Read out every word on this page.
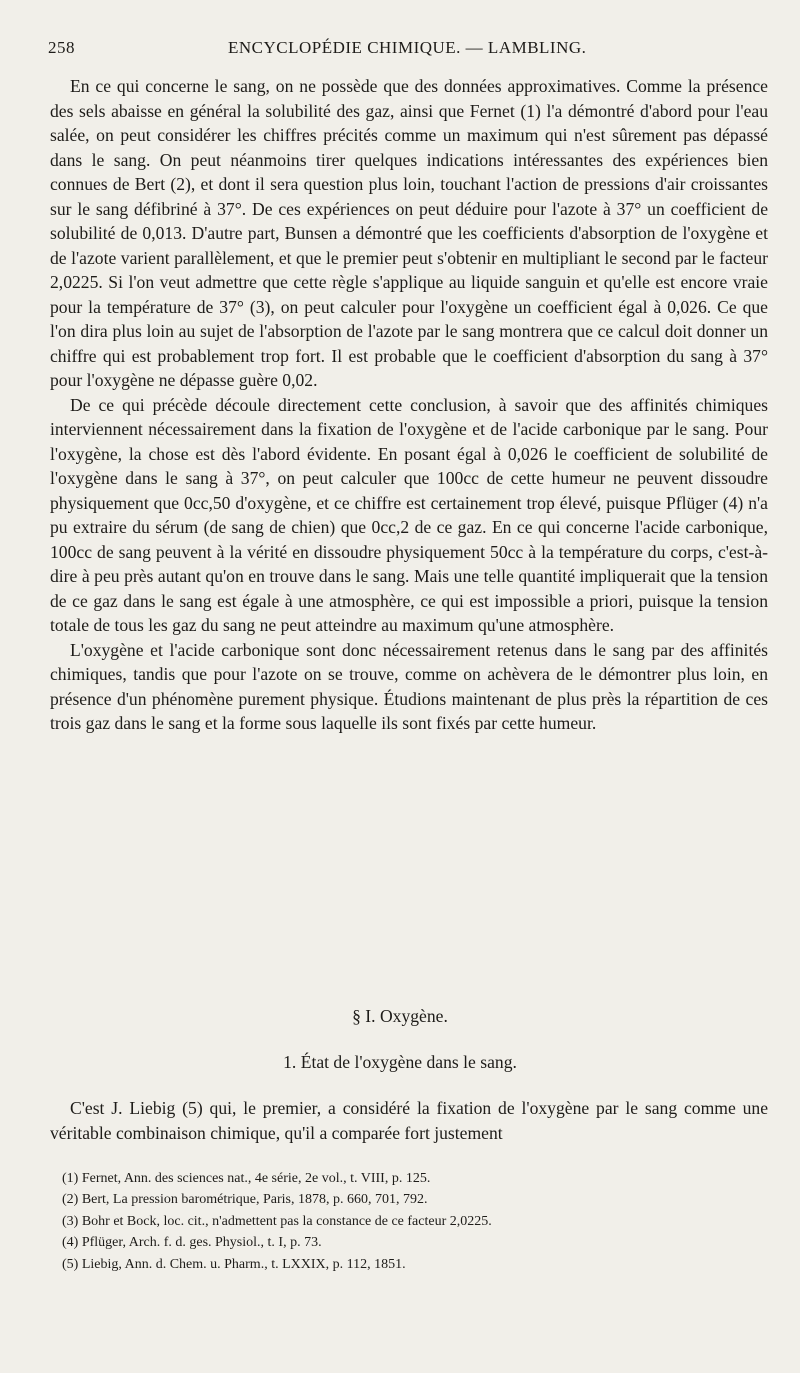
258	ENCYCLOPÉDIE CHIMIQUE. — LAMBLING.

En ce qui concerne le sang, on ne possède que des données approximatives. Comme la présence des sels abaisse en général la solubilité des gaz, ainsi que Fernet (1) l'a démontré d'abord pour l'eau salée, on peut considérer les chiffres précités comme un maximum qui n'est sûrement pas dépassé dans le sang. On peut néanmoins tirer quelques indications intéressantes des expériences bien connues de Bert (2), et dont il sera question plus loin, touchant l'action de pressions d'air croissantes sur le sang défibriné à 37°. De ces expériences on peut déduire pour l'azote à 37° un coefficient de solubilité de 0,013. D'autre part, Bunsen a démontré que les coefficients d'absorption de l'oxygène et de l'azote varient parallèlement, et que le premier peut s'obtenir en multipliant le second par le facteur 2,0225. Si l'on veut admettre que cette règle s'applique au liquide sanguin et qu'elle est encore vraie pour la température de 37° (3), on peut calculer pour l'oxygène un coefficient égal à 0,026. Ce que l'on dira plus loin au sujet de l'absorption de l'azote par le sang montrera que ce calcul doit donner un chiffre qui est probablement trop fort. Il est probable que le coefficient d'absorption du sang à 37° pour l'oxygène ne dépasse guère 0,02.

De ce qui précède découle directement cette conclusion, à savoir que des affinités chimiques interviennent nécessairement dans la fixation de l'oxygène et de l'acide carbonique par le sang. Pour l'oxygène, la chose est dès l'abord évidente. En posant égal à 0,026 le coefficient de solubilité de l'oxygène dans le sang à 37°, on peut calculer que 100cc de cette humeur ne peuvent dissoudre physiquement que 0cc,50 d'oxygène, et ce chiffre est certainement trop élevé, puisque Pflüger (4) n'a pu extraire du sérum (de sang de chien) que 0cc,2 de ce gaz. En ce qui concerne l'acide carbonique, 100cc de sang peuvent à la vérité en dissoudre physiquement 50cc à la température du corps, c'est-à-dire à peu près autant qu'on en trouve dans le sang. Mais une telle quantité impliquerait que la tension de ce gaz dans le sang est égale à une atmosphère, ce qui est impossible a priori, puisque la tension totale de tous les gaz du sang ne peut atteindre au maximum qu'une atmosphère.

L'oxygène et l'acide carbonique sont donc nécessairement retenus dans le sang par des affinités chimiques, tandis que pour l'azote on se trouve, comme on achèvera de le démontrer plus loin, en présence d'un phénomène purement physique. Étudions maintenant de plus près la répartition de ces trois gaz dans le sang et la forme sous laquelle ils sont fixés par cette humeur.

§ I. Oxygène.
1. État de l'oxygène dans le sang.

C'est J. Liebig (5) qui, le premier, a considéré la fixation de l'oxygène par le sang comme une véritable combinaison chimique, qu'il a comparée fort justement

(1) Fernet, Ann. des sciences nat., 4e série, 2e vol., t. VIII, p. 125.
(2) Bert, La pression barométrique, Paris, 1878, p. 660, 701, 792.
(3) Bohr et Bock, loc. cit., n'admettent pas la constance de ce facteur 2,0225.
(4) Pflüger, Arch. f. d. ges. Physiol., t. I, p. 73.
(5) Liebig, Ann. d. Chem. u. Pharm., t. LXXIX, p. 112, 1851.
